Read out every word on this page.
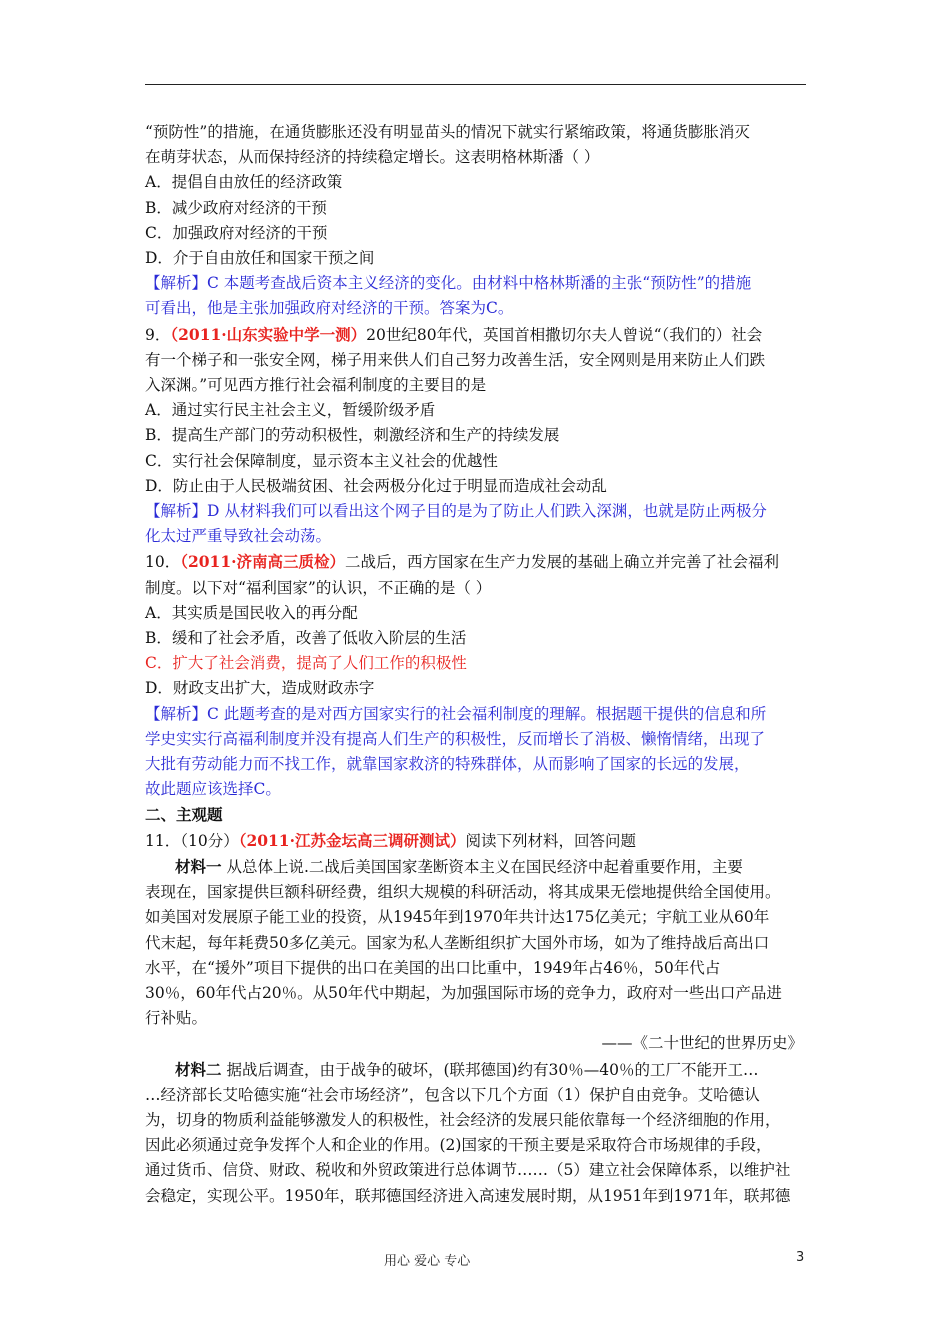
“预防性”的措施，在通货膨胀还没有明显苗头的情况下就实行紧缩政策，将通货膨胀消灭

在萌芽状态，从而保持经济的持续稳定增长。这表明格林斯潘（ ）

A．提倡自由放任的经济政策

B．减少政府对经济的干预

C．加强政府对经济的干预

D．介于自由放任和国家干预之间

【解析】C 本题考查战后资本主义经济的变化。由材料中格林斯潘的主张“预防性”的措施

可看出，他是主张加强政府对经济的干预。答案为C。

9．（2011·山东实验中学一测）20世纪80年代，英国首相撒切尔夫人曾说“（我们的）社会

有一个梯子和一张安全网，梯子用来供人们自己努力改善生活，安全网则是用来防止人们跌

入深渊。”可见西方推行社会福利制度的主要目的是

A．通过实行民主社会主义，暂缓阶级矛盾

B．提高生产部门的劳动积极性，刺激经济和生产的持续发展

C．实行社会保障制度，显示资本主义社会的优越性

D．防止由于人民极端贫困、社会两极分化过于明显而造成社会动乱

【解析】D 从材料我们可以看出这个网子目的是为了防止人们跌入深渊，也就是防止两极分

化太过严重导致社会动荡。

10．（2011·济南高三质检）二战后，西方国家在生产力发展的基础上确立并完善了社会福利

制度。以下对“福利国家”的认识，不正确的是（ ）

A．其实质是国民收入的再分配

B．缓和了社会矛盾，改善了低收入阶层的生活

C．扩大了社会消费，提高了人们工作的积极性

D．财政支出扩大，造成财政赤字

【解析】C 此题考查的是对西方国家实行的社会福利制度的理解。根据题干提供的信息和所

学史实实行高福利制度并没有提高人们生产的积极性，反而增长了消极、懒惰情绪，出现了

大批有劳动能力而不找工作，就靠国家救济的特殊群体，从而影响了国家的长远的发展，

故此题应该选择C。

二、主观题

11．（10分）（2011·江苏金坛高三调研测试）阅读下列材料，回答问题

材料一 从总体上说.二战后美国国家垄断资本主义在国民经济中起着重要作用，主要

表现在，国家提供巨额科研经费，组织大规模的科研活动，将其成果无偿地提供给全国使用。

如美国对发展原子能工业的投资，从1945年到1970年共计达175亿美元；宇航工业从60年

代末起，每年耗费50多亿美元。国家为私人垄断组织扩大国外市场，如为了维持战后高出口

水平，在“援外”项目下提供的出口在美国的出口比重中，1949年占46％，50年代占

30％，60年代占20％。从50年代中期起，为加强国际市场的竞争力，政府对一些出口产品进

行补贴。

——《二十世纪的世界历史》

材料二 据战后调查，由于战争的破坏，(联邦德国)约有30％—40％的工厂不能开工…

…经济部长艾哈德实施“社会市场经济”，包含以下几个方面（1）保护自由竞争。艾哈德认

为，切身的物质利益能够激发人的积极性，社会经济的发展只能依靠每一个经济细胞的作用，

因此必须通过竞争发挥个人和企业的作用。(2)国家的干预主要是采取符合市场规律的手段，

通过货币、信贷、财政、税收和外贸政策进行总体调节……（5）建立社会保障体系，以维护社

会稳定，实现公平。1950年，联邦德国经济进入高速发展时期，从1951年到1971年，联邦德

用心 爱心 专心	3
